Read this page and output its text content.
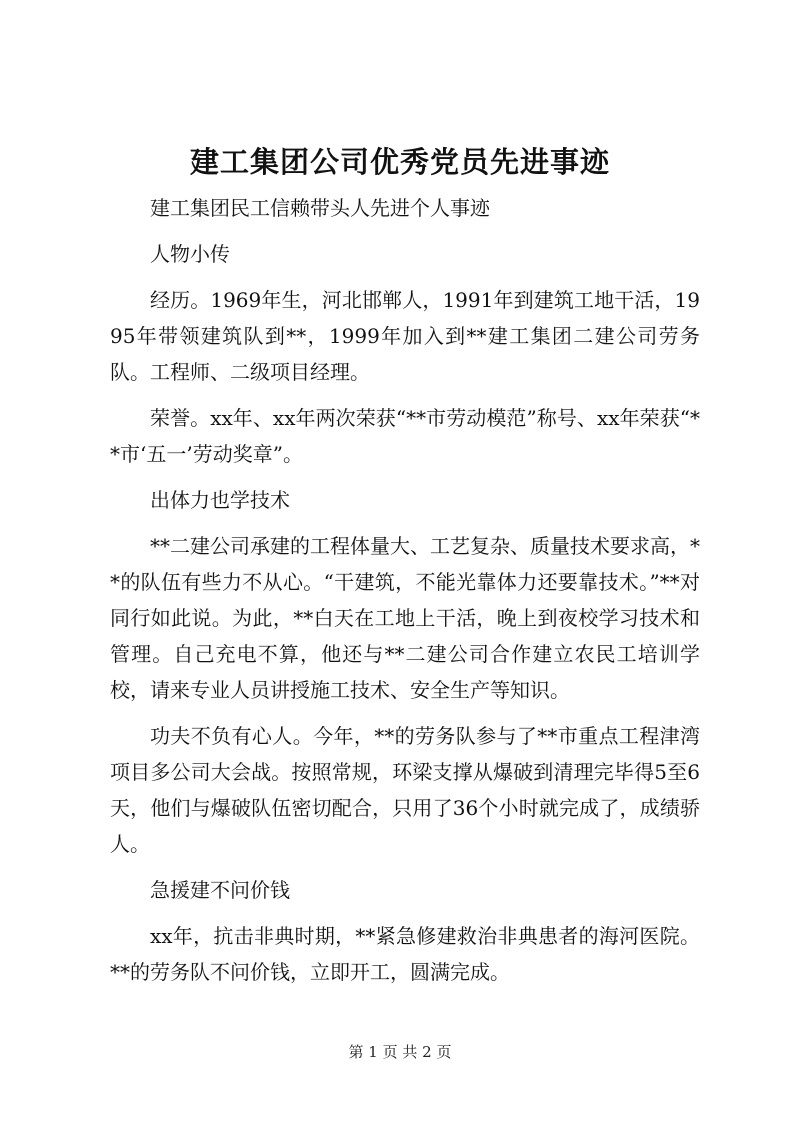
建工集团公司优秀党员先进事迹

建工集团民工信赖带头人先进个人事迹

人物小传

经历。1969年生，河北邯郸人，1991年到建筑工地干活，1995年带领建筑队到**，1999年加入到**建工集团二建公司劳务队。工程师、二级项目经理。

荣誉。xx年、xx年两次荣获“**市劳动模范”称号、xx年荣获“**市‘五一’劳动奖章”。

出体力也学技术

**二建公司承建的工程体量大、工艺复杂、质量技术要求高，**的队伍有些力不从心。“干建筑，不能光靠体力还要靠技术。”**对同行如此说。为此，**白天在工地上干活，晚上到夜校学习技术和管理。自己充电不算，他还与**二建公司合作建立农民工培训学校，请来专业人员讲授施工技术、安全生产等知识。

功夫不负有心人。今年，**的劳务队参与了**市重点工程津湾项目多公司大会战。按照常规，环梁支撑从爆破到清理完毕得5至6天，他们与爆破队伍密切配合，只用了36个小时就完成了，成绩骄人。

急援建不问价钱

xx年，抗击非典时期，**紧急修建救治非典患者的海河医院。**的劳务队不问价钱，立即开工，圆满完成。

第 1 页 共 2 页
